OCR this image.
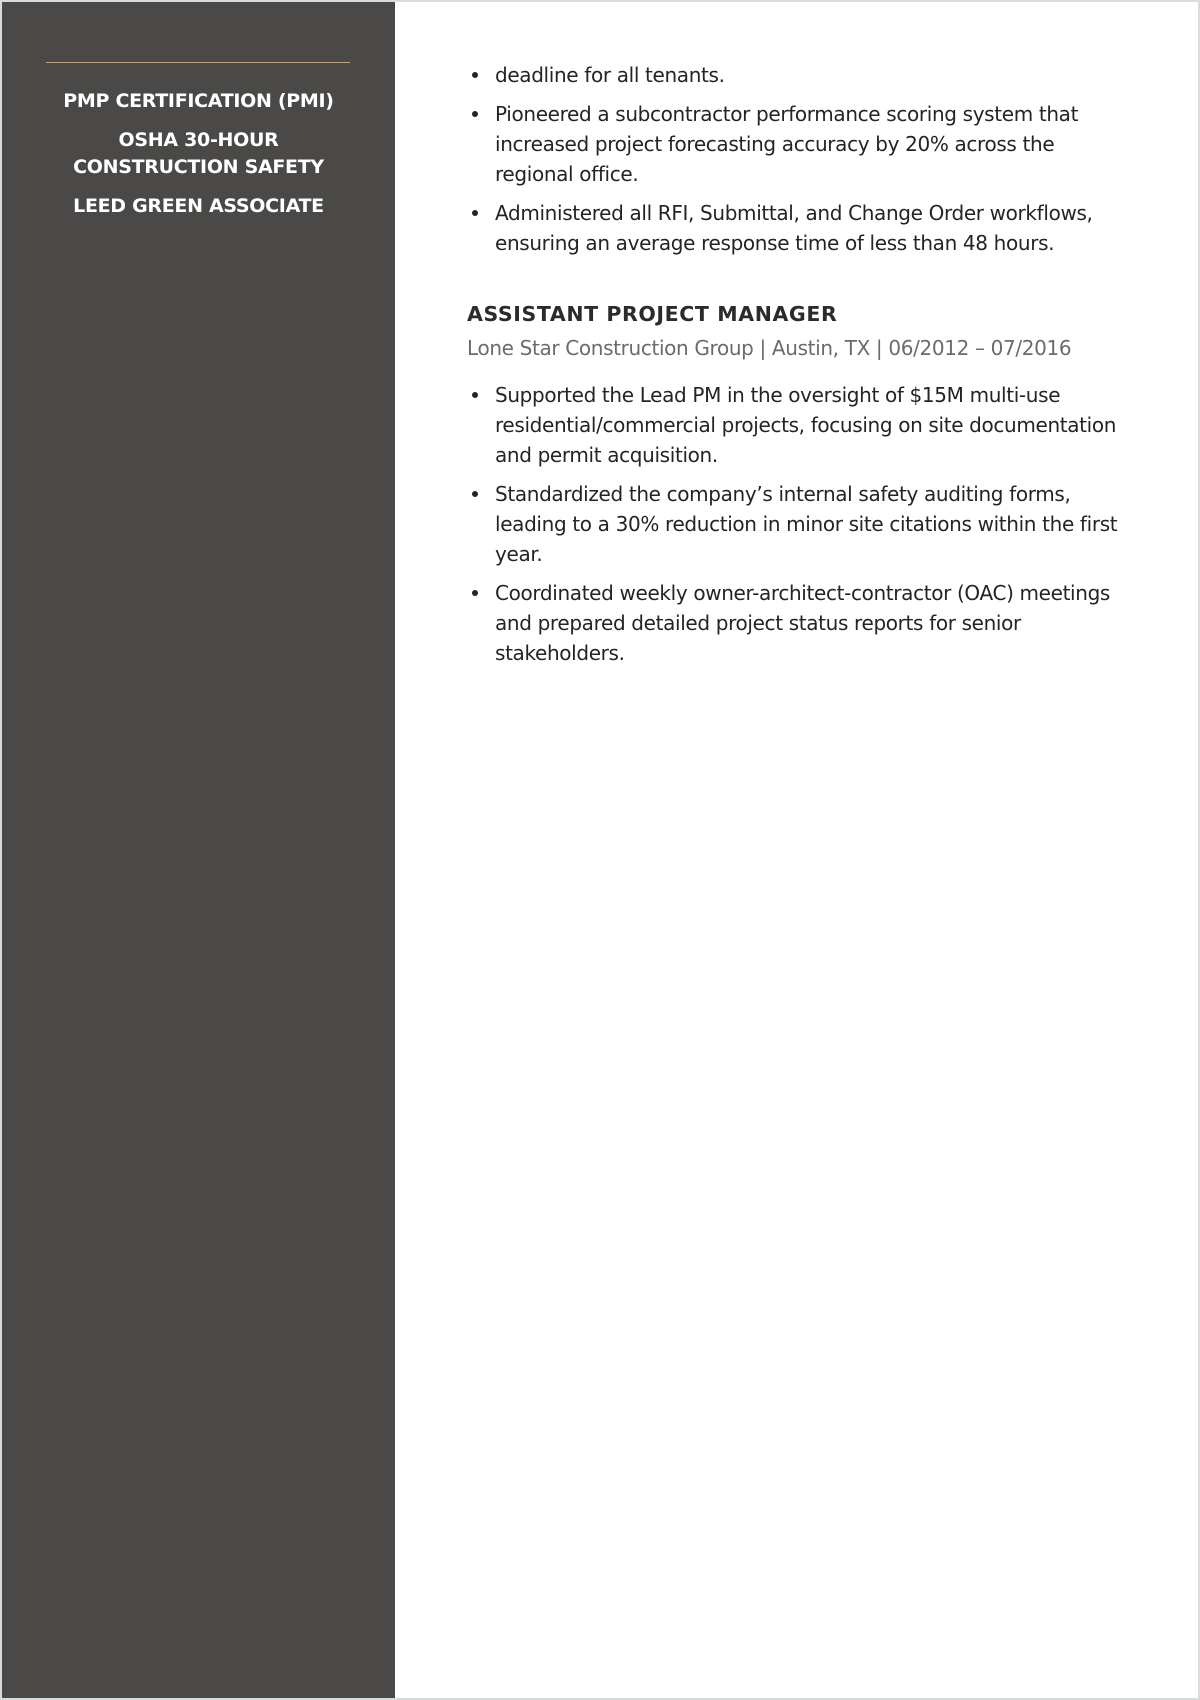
PMP CERTIFICATION (PMI)
OSHA 30-HOUR CONSTRUCTION SAFETY
LEED GREEN ASSOCIATE
deadline for all tenants.
Pioneered a subcontractor performance scoring system that increased project forecasting accuracy by 20% across the regional office.
Administered all RFI, Submittal, and Change Order workflows, ensuring an average response time of less than 48 hours.
ASSISTANT PROJECT MANAGER
Lone Star Construction Group | Austin, TX | 06/2012 – 07/2016
Supported the Lead PM in the oversight of $15M multi-use residential/commercial projects, focusing on site documentation and permit acquisition.
Standardized the company’s internal safety auditing forms, leading to a 30% reduction in minor site citations within the first year.
Coordinated weekly owner-architect-contractor (OAC) meetings and prepared detailed project status reports for senior stakeholders.
